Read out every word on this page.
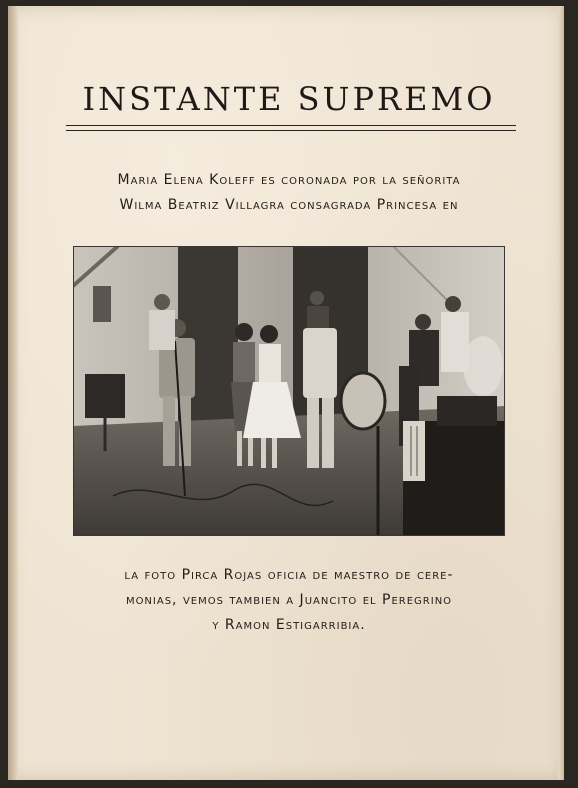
INSTANTE SUPREMO
Maria Elena Koleff es coronada por la señorita
Wilma Beatriz Villagra consagrada Princesa en
la foto Pirca Rojas oficia de maestro de cere-
monias, vemos tambien a Juancito el Peregrino
y Ramon Estigarribia.
